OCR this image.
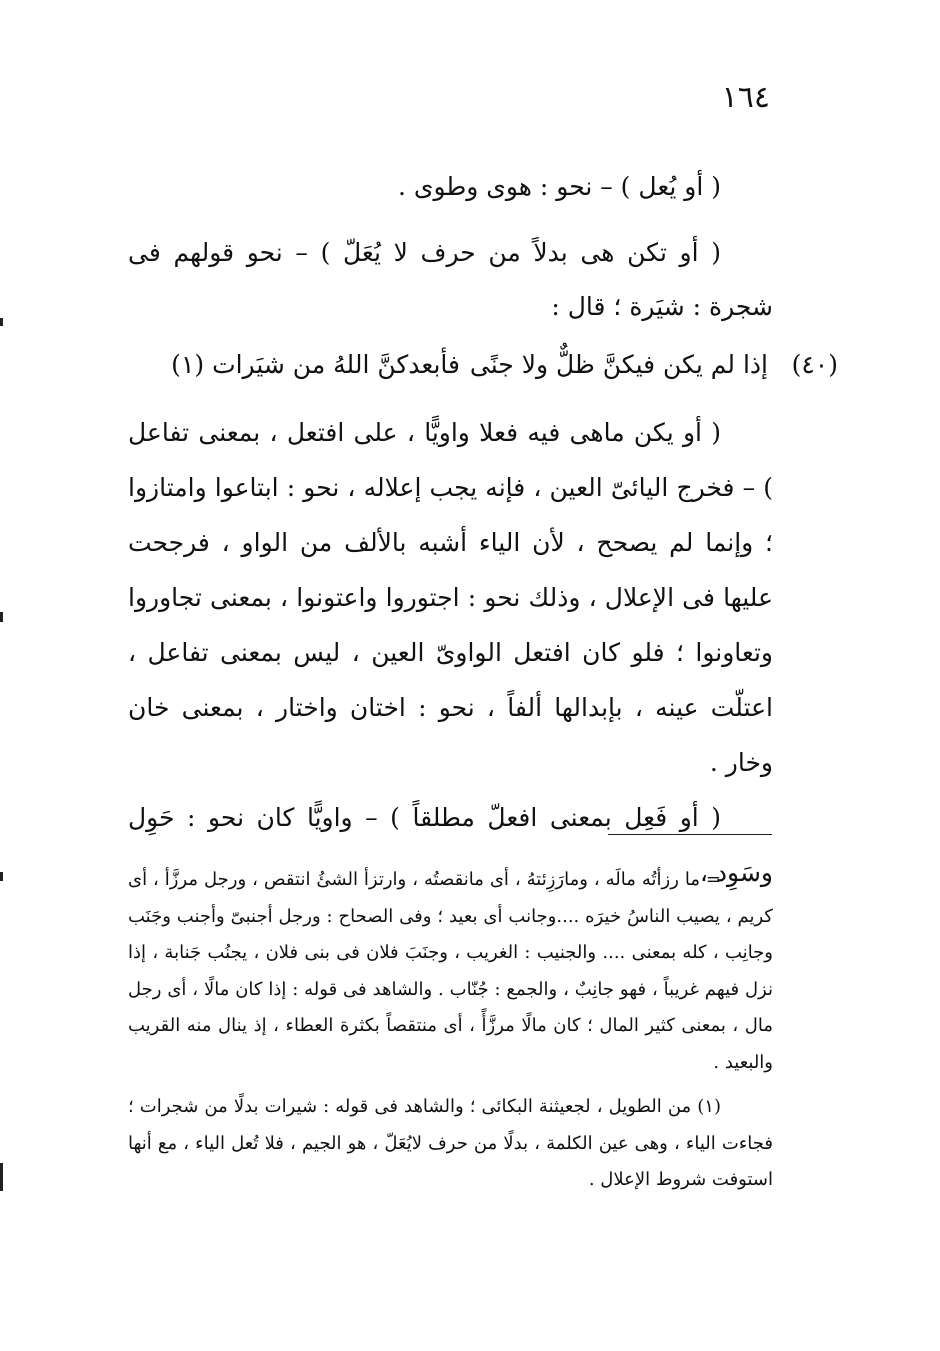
١٦٤

( أو يُعل ) – نحو : هوى وطوى .

( أو تكن هى بدلاً من حرف لا يُعَلّ ) – نحو قولهم فى شجرة : شيَرة ؛ قال :

(٤٠)
إذا لم يكن فيكنَّ ظلٌّ ولا جنًى
فأبعدكنَّ اللهُ من شيَرات (١)

( أو يكن ماهى فيه فعلا واويًّا ، على افتعل ، بمعنى تفاعل ) – فخرج اليائىّ العين ، فإنه يجب إعلاله ، نحو : ابتاعوا وامتازوا ؛ وإنما لم يصحح ، لأن الياء أشبه بالألف من الواو ، فرجحت عليها فى الإعلال ، وذلك نحو : اجتوروا واعتونوا ، بمعنى تجاوروا وتعاونوا ؛ فلو كان افتعل الواوىّ العين ، ليس بمعنى تفاعل ، اعتلّت عينه ، بإبدالها ألفاً ، نحو : اختان واختار ، بمعنى خان وخار .

( أو فَعِل بمعنى افعلّ مطلقاً ) – واويًّا كان نحو : حَوِل وسَوِد ،

= ما رزأتُه مالَه ، ومارَزِئتهُ ، أى مانقصتُه ، وارتزأ الشئُ انتقص ، ورجل مرزَّأ ، أى كريم ، يصيب الناسُ خيرَه ....وجانب أى بعيد ؛ وفى الصحاح : ورجل أجنبىّ وأجنب وجَنَب وجانِب ، كله بمعنى .... والجنيب : الغريب ، وجنَبَ فلان فى بنى فلان ، يجنُب جَنابة ، إذا نزل فيهم غريباً ، فهو جانِبٌ ، والجمع : جُنّاب . والشاهد فى قوله : إذا كان مالًا ، أى رجل مال ، بمعنى كثير المال ؛ كان مالًا مرزَّأً ، أى منتقصاً بكثرة العطاء ، إذ ينال منه القريب والبعيد .

(١) من الطويل ، لجعيثنة البكائى ؛ والشاهد فى قوله : شيرات بدلًا من شجرات ؛ فجاءت الياء ، وهى عين الكلمة ، بدلًا من حرف لايُعَلّ ، هو الجيم ، فلا تُعل الياء ، مع أنها استوفت شروط الإعلال .
